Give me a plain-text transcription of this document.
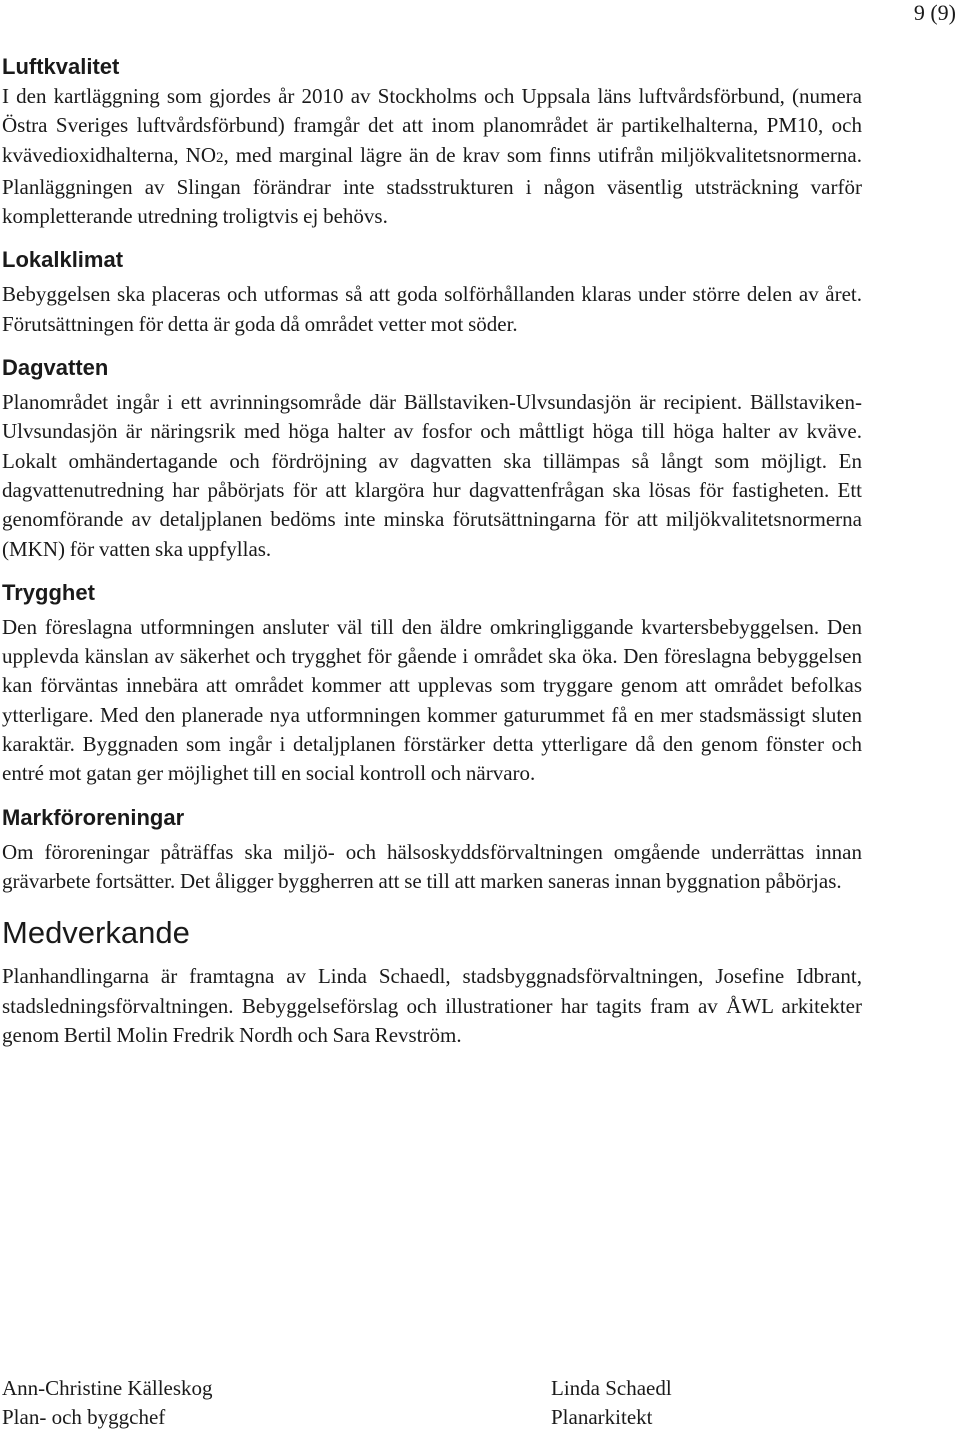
9 (9)
Luftkvalitet

I den kartläggning som gjordes år 2010 av Stockholms och Uppsala läns luftvårdsförbund, (numera Östra Sveriges luftvårdsförbund) framgår det att inom planområdet är partikelhalterna, PM10, och kvävedioxidhalterna, NO2, med marginal lägre än de krav som finns utifrån miljökvalitetsnormerna. Planläggningen av Slingan förändrar inte stadsstrukturen i någon väsentlig utsträckning varför kompletterande utredning troligtvis ej behövs.

Lokalklimat

Bebyggelsen ska placeras och utformas så att goda solförhållanden klaras under större delen av året. Förutsättningen för detta är goda då området vetter mot söder.

Dagvatten

Planområdet ingår i ett avrinningsområde där Bällstaviken-Ulvsundasjön är recipient. Bällstaviken-Ulvsundasjön är näringsrik med höga halter av fosfor och måttligt höga till höga halter av kväve. Lokalt omhändertagande och fördröjning av dagvatten ska tillämpas så långt som möjligt. En dagvattenutredning har påbörjats för att klargöra hur dagvattenfrågan ska lösas för fastigheten. Ett genomförande av detaljplanen bedöms inte minska förutsättningarna för att miljökvalitetsnormerna (MKN) för vatten ska uppfyllas.

Trygghet

Den föreslagna utformningen ansluter väl till den äldre omkringliggande kvartersbebyggelsen. Den upplevda känslan av säkerhet och trygghet för gående i området ska öka. Den föreslagna bebyggelsen kan förväntas innebära att området kommer att upplevas som tryggare genom att området befolkas ytterligare. Med den planerade nya utformningen kommer gaturummet få en mer stadsmässigt sluten karaktär. Byggnaden som ingår i detaljplanen förstärker detta ytterligare då den genom fönster och entré mot gatan ger möjlighet till en social kontroll och närvaro.

Markföroreningar

Om föroreningar påträffas ska miljö- och hälsoskyddsförvaltningen omgående underrättas innan grävarbete fortsätter. Det åligger byggherren att se till att marken saneras innan byggnation påbörjas.

Medverkande

Planhandlingarna är framtagna av Linda Schaedl, stadsbyggnadsförvaltningen, Josefine Idbrant, stadsledningsförvaltningen. Bebyggelseförslag och illustrationer har tagits fram av ÅWL arkitekter genom Bertil Molin Fredrik Nordh och Sara Revström.

Ann-Christine Källeskog
Plan- och byggchef
Linda Schaedl
Planarkitekt
